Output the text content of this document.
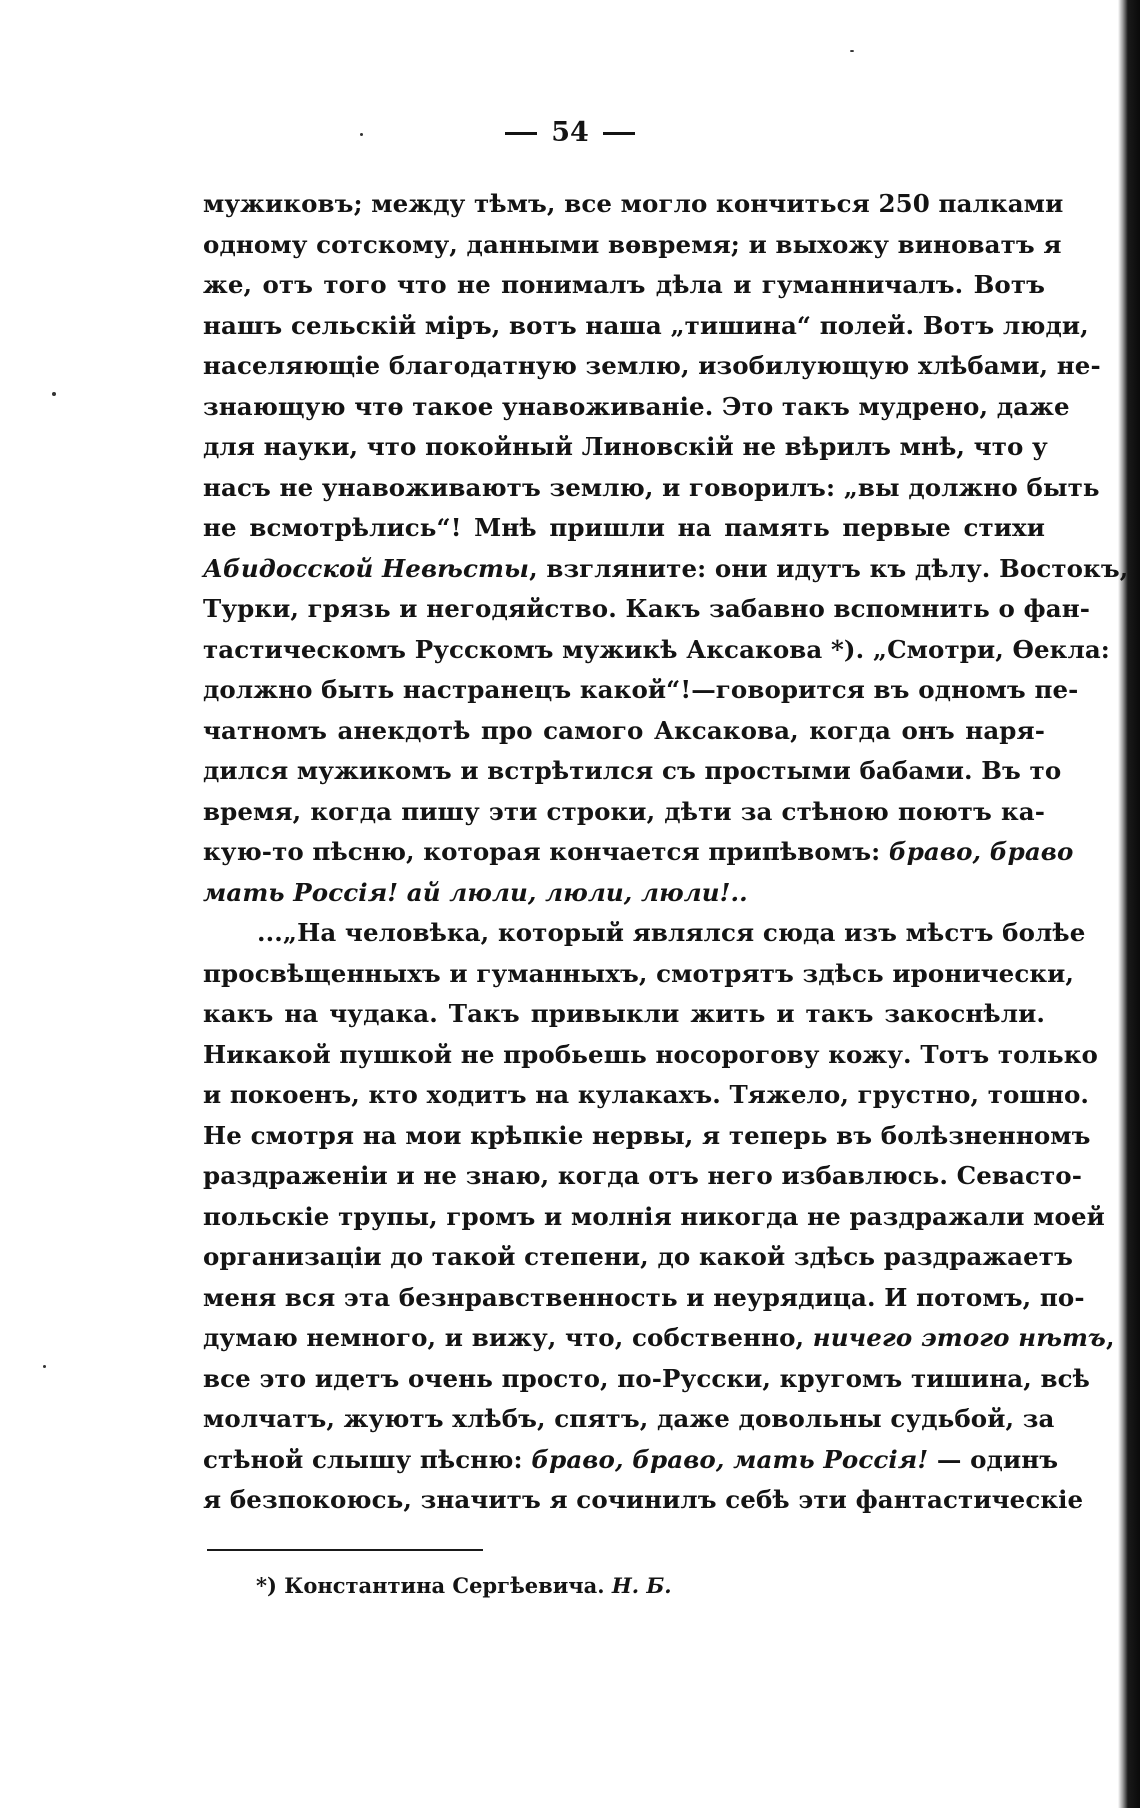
54
мужиковъ; между тѣмъ, все могло кончиться 250 палками
одному сотскому, данными вѳвремя; и выхожу виноватъ я
же, отъ того что не понималъ дѣла и гуманничалъ. Вотъ
нашъ сельскій міръ, вотъ наша „тишина“ полей. Вотъ люди,
населяющіе благодатную землю, изобилующую хлѣбами, не-
знающую чтѳ такое унавоживаніе. Это такъ мудрено, даже
для науки, что покойный Линовскій не вѣрилъ мнѣ, что у
насъ не унавоживаютъ землю, и говорилъ: „вы должно быть
не всмотрѣлись“! Мнѣ пришли на память первые стихи
Абидосской Невѣсты, взгляните: они идутъ къ дѣлу. Востокъ,
Турки, грязь и негодяйство. Какъ забавно вспомнить о фан-
тастическомъ Русскомъ мужикѣ Аксакова *). „Смотри, Ѳекла:
должно быть настранецъ какой“!—говорится въ одномъ пе-
чатномъ анекдотѣ про самого Аксакова, когда онъ наря-
дился мужикомъ и встрѣтился съ простыми бабами. Въ то
время, когда пишу эти строки, дѣти за стѣною поютъ ка-
кую-то пѣсню, которая кончается припѣвомъ: браво, браво
мать Россія! ай люли, люли, люли!..
...„На человѣка, который являлся сюда изъ мѣстъ болѣе
просвѣщенныхъ и гуманныхъ, смотрятъ здѣсь иронически,
какъ на чудака. Такъ привыкли жить и такъ закоснѣли.
Никакой пушкой не пробьешь носорогову кожу. Тотъ только
и покоенъ, кто ходитъ на кулакахъ. Тяжело, грустно, тошно.
Не смотря на мои крѣпкіе нервы, я теперь въ болѣзненномъ
раздраженіи и не знаю, когда отъ него избавлюсь. Севасто-
польскіе трупы, громъ и молнія никогда не раздражали моей
организаціи до такой степени, до какой здѣсь раздражаетъ
меня вся эта безнравственность и неурядица. И потомъ, по-
думаю немного, и вижу, что, собственно, ничего этого нѣтъ,
все это идетъ очень просто, по-Русски, кругомъ тишина, всѣ
молчатъ, жуютъ хлѣбъ, спятъ, даже довольны судьбой, за
стѣной слышу пѣсню: браво, браво, мать Россія! — одинъ
я безпокоюсь, значитъ я сочинилъ себѣ эти фантастическіе
*) Константина Сергѣевича. Н. Б.
